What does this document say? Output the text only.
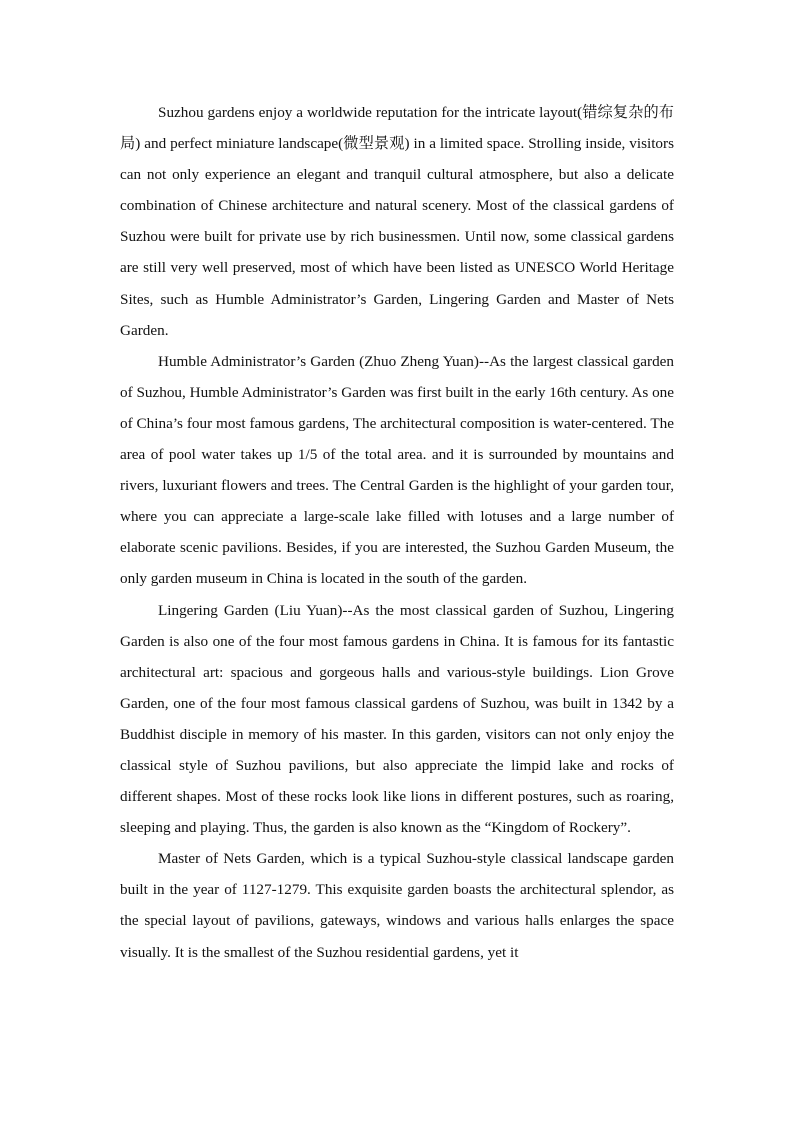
Suzhou gardens enjoy a worldwide reputation for the intricate layout(错综复杂的布局) and perfect miniature landscape(微型景观) in a limited space. Strolling inside, visitors can not only experience an elegant and tranquil cultural atmosphere, but also a delicate combination of Chinese architecture and natural scenery. Most of the classical gardens of Suzhou were built for private use by rich businessmen. Until now, some classical gardens are still very well preserved, most of which have been listed as UNESCO World Heritage Sites, such as Humble Administrator’s Garden, Lingering Garden and Master of Nets Garden.

Humble Administrator’s Garden (Zhuo Zheng Yuan)--As the largest classical garden of Suzhou, Humble Administrator’s Garden was first built in the early 16th century. As one of China’s four most famous gardens, The architectural composition is water-centered. The area of pool water takes up 1/5 of the total area. and it is surrounded by mountains and rivers, luxuriant flowers and trees. The Central Garden is the highlight of your garden tour, where you can appreciate a large-scale lake filled with lotuses and a large number of elaborate scenic pavilions. Besides, if you are interested, the Suzhou Garden Museum, the only garden museum in China is located in the south of the garden.

Lingering Garden (Liu Yuan)--As the most classical garden of Suzhou, Lingering Garden is also one of the four most famous gardens in China. It is famous for its fantastic architectural art: spacious and gorgeous halls and various-style buildings. Lion Grove Garden, one of the four most famous classical gardens of Suzhou, was built in 1342 by a Buddhist disciple in memory of his master. In this garden, visitors can not only enjoy the classical style of Suzhou pavilions, but also appreciate the limpid lake and rocks of different shapes. Most of these rocks look like lions in different postures, such as roaring, sleeping and playing. Thus, the garden is also known as the “Kingdom of Rockery”.

Master of Nets Garden, which is a typical Suzhou-style classical landscape garden built in the year of 1127-1279. This exquisite garden boasts the architectural splendor, as the special layout of pavilions, gateways, windows and various halls enlarges the space visually. It is the smallest of the Suzhou residential gardens, yet it
